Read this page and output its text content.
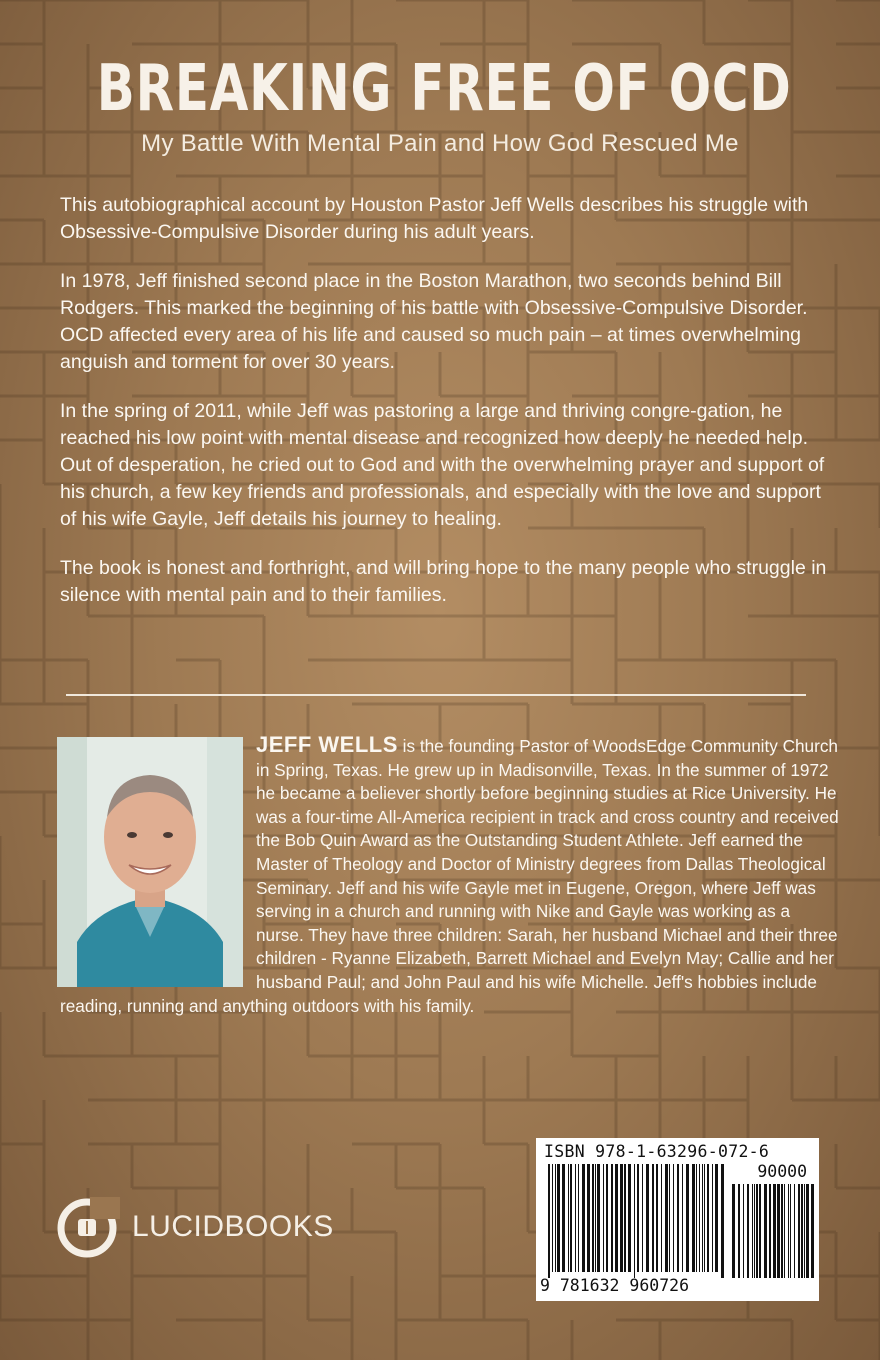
BREAKING FREE OF OCD
My Battle With Mental Pain and How God Rescued Me

This autobiographical account by Houston Pastor Jeff Wells describes his struggle with Obsessive-Compulsive Disorder during his adult years.

In 1978, Jeff finished second place in the Boston Marathon, two seconds behind Bill Rodgers. This marked the beginning of his battle with Obsessive-Compulsive Disorder. OCD affected every area of his life and caused so much pain – at times overwhelming anguish and torment for over 30 years.

In the spring of 2011, while Jeff was pastoring a large and thriving congre-gation, he reached his low point with mental disease and recognized how deeply he needed help. Out of desperation, he cried out to God and with the overwhelming prayer and support of his church, a few key friends and professionals, and especially with the love and support of his wife Gayle, Jeff details his journey to healing.

The book is honest and forthright, and will bring hope to the many people who struggle in silence with mental pain and to their families.

JEFF WELLS is the founding Pastor of WoodsEdge Community Church in Spring, Texas. He grew up in Madisonville, Texas. In the summer of 1972 he became a believer shortly before beginning studies at Rice University. He was a four-time All-America recipient in track and cross country and received the Bob Quin Award as the Outstanding Student Athlete. Jeff earned the Master of Theology and Doctor of Ministry degrees from Dallas Theological Seminary. Jeff and his wife Gayle met in Eugene, Oregon, where Jeff was serving in a church and running with Nike and Gayle was working as a nurse. They have three children: Sarah, her husband Michael and their three children - Ryanne Elizabeth, Barrett Michael and Evelyn May; Callie and her husband Paul; and John Paul and his wife Michelle. Jeff's hobbies include reading, running and anything outdoors with his family.
LUCIDBOOKS
ISBN 978-1-63296-072-6
90000
9 781632 960726
